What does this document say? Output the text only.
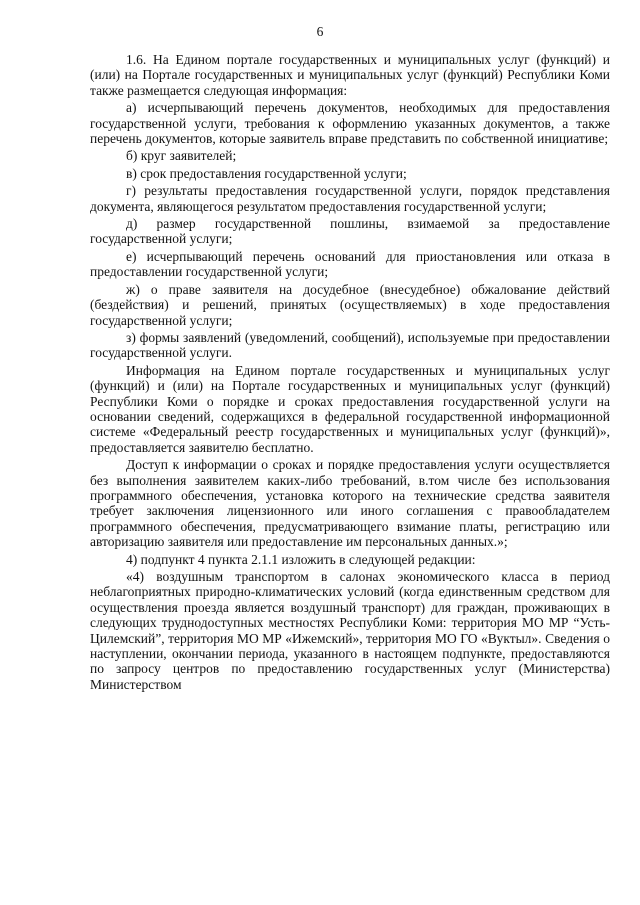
6

1.6. На Едином портале государственных и муниципальных услуг (функций) и (или) на Портале государственных и муниципальных услуг (функций) Республики Коми также размещается следующая информация:

а) исчерпывающий перечень документов, необходимых для предоставления государственной услуги, требования к оформлению указанных документов, а также перечень документов, которые заявитель вправе представить по собственной инициативе;

б) круг заявителей;

в) срок предоставления государственной услуги;

г) результаты предоставления государственной услуги, порядок представления документа, являющегося результатом предоставления государственной услуги;

д) размер государственной пошлины, взимаемой за предоставление государственной услуги;

е) исчерпывающий перечень оснований для приостановления или отказа в предоставлении государственной услуги;

ж) о праве заявителя на досудебное (внесудебное) обжалование действий (бездействия) и решений, принятых (осуществляемых) в ходе предоставления государственной услуги;

з) формы заявлений (уведомлений, сообщений), используемые при предоставлении государственной услуги.

Информация на Едином портале государственных и муниципальных услуг (функций) и (или) на Портале государственных и муниципальных услуг (функций) Республики Коми о порядке и сроках предоставления государственной услуги на основании сведений, содержащихся в федеральной государственной информационной системе «Федеральный реестр государственных и муниципальных услуг (функций)», предоставляется заявителю бесплатно.

Доступ к информации о сроках и порядке предоставления услуги осуществляется без выполнения заявителем каких-либо требований, в.том числе без использования программного обеспечения, установка которого на технические средства заявителя требует заключения лицензионного или иного соглашения с правообладателем программного обеспечения, предусматривающего взимание платы, регистрацию или авторизацию заявителя или предоставление им персональных данных.»;

4) подпункт 4 пункта 2.1.1 изложить в следующей редакции:

«4) воздушным транспортом в салонах экономического класса в период неблагоприятных природно-климатических условий (когда единственным средством для осуществления проезда является воздушный транспорт) для граждан, проживающих в следующих труднодоступных местностях Республики Коми: территория МО МР “Усть-Цилемский”, территория МО МР «Ижемский», территория МО ГО «Вуктыл». Сведения о наступлении, окончании периода, указанного в настоящем подпункте, предоставляются по запросу центров по предоставлению государственных услуг (Министерства) Министерством
